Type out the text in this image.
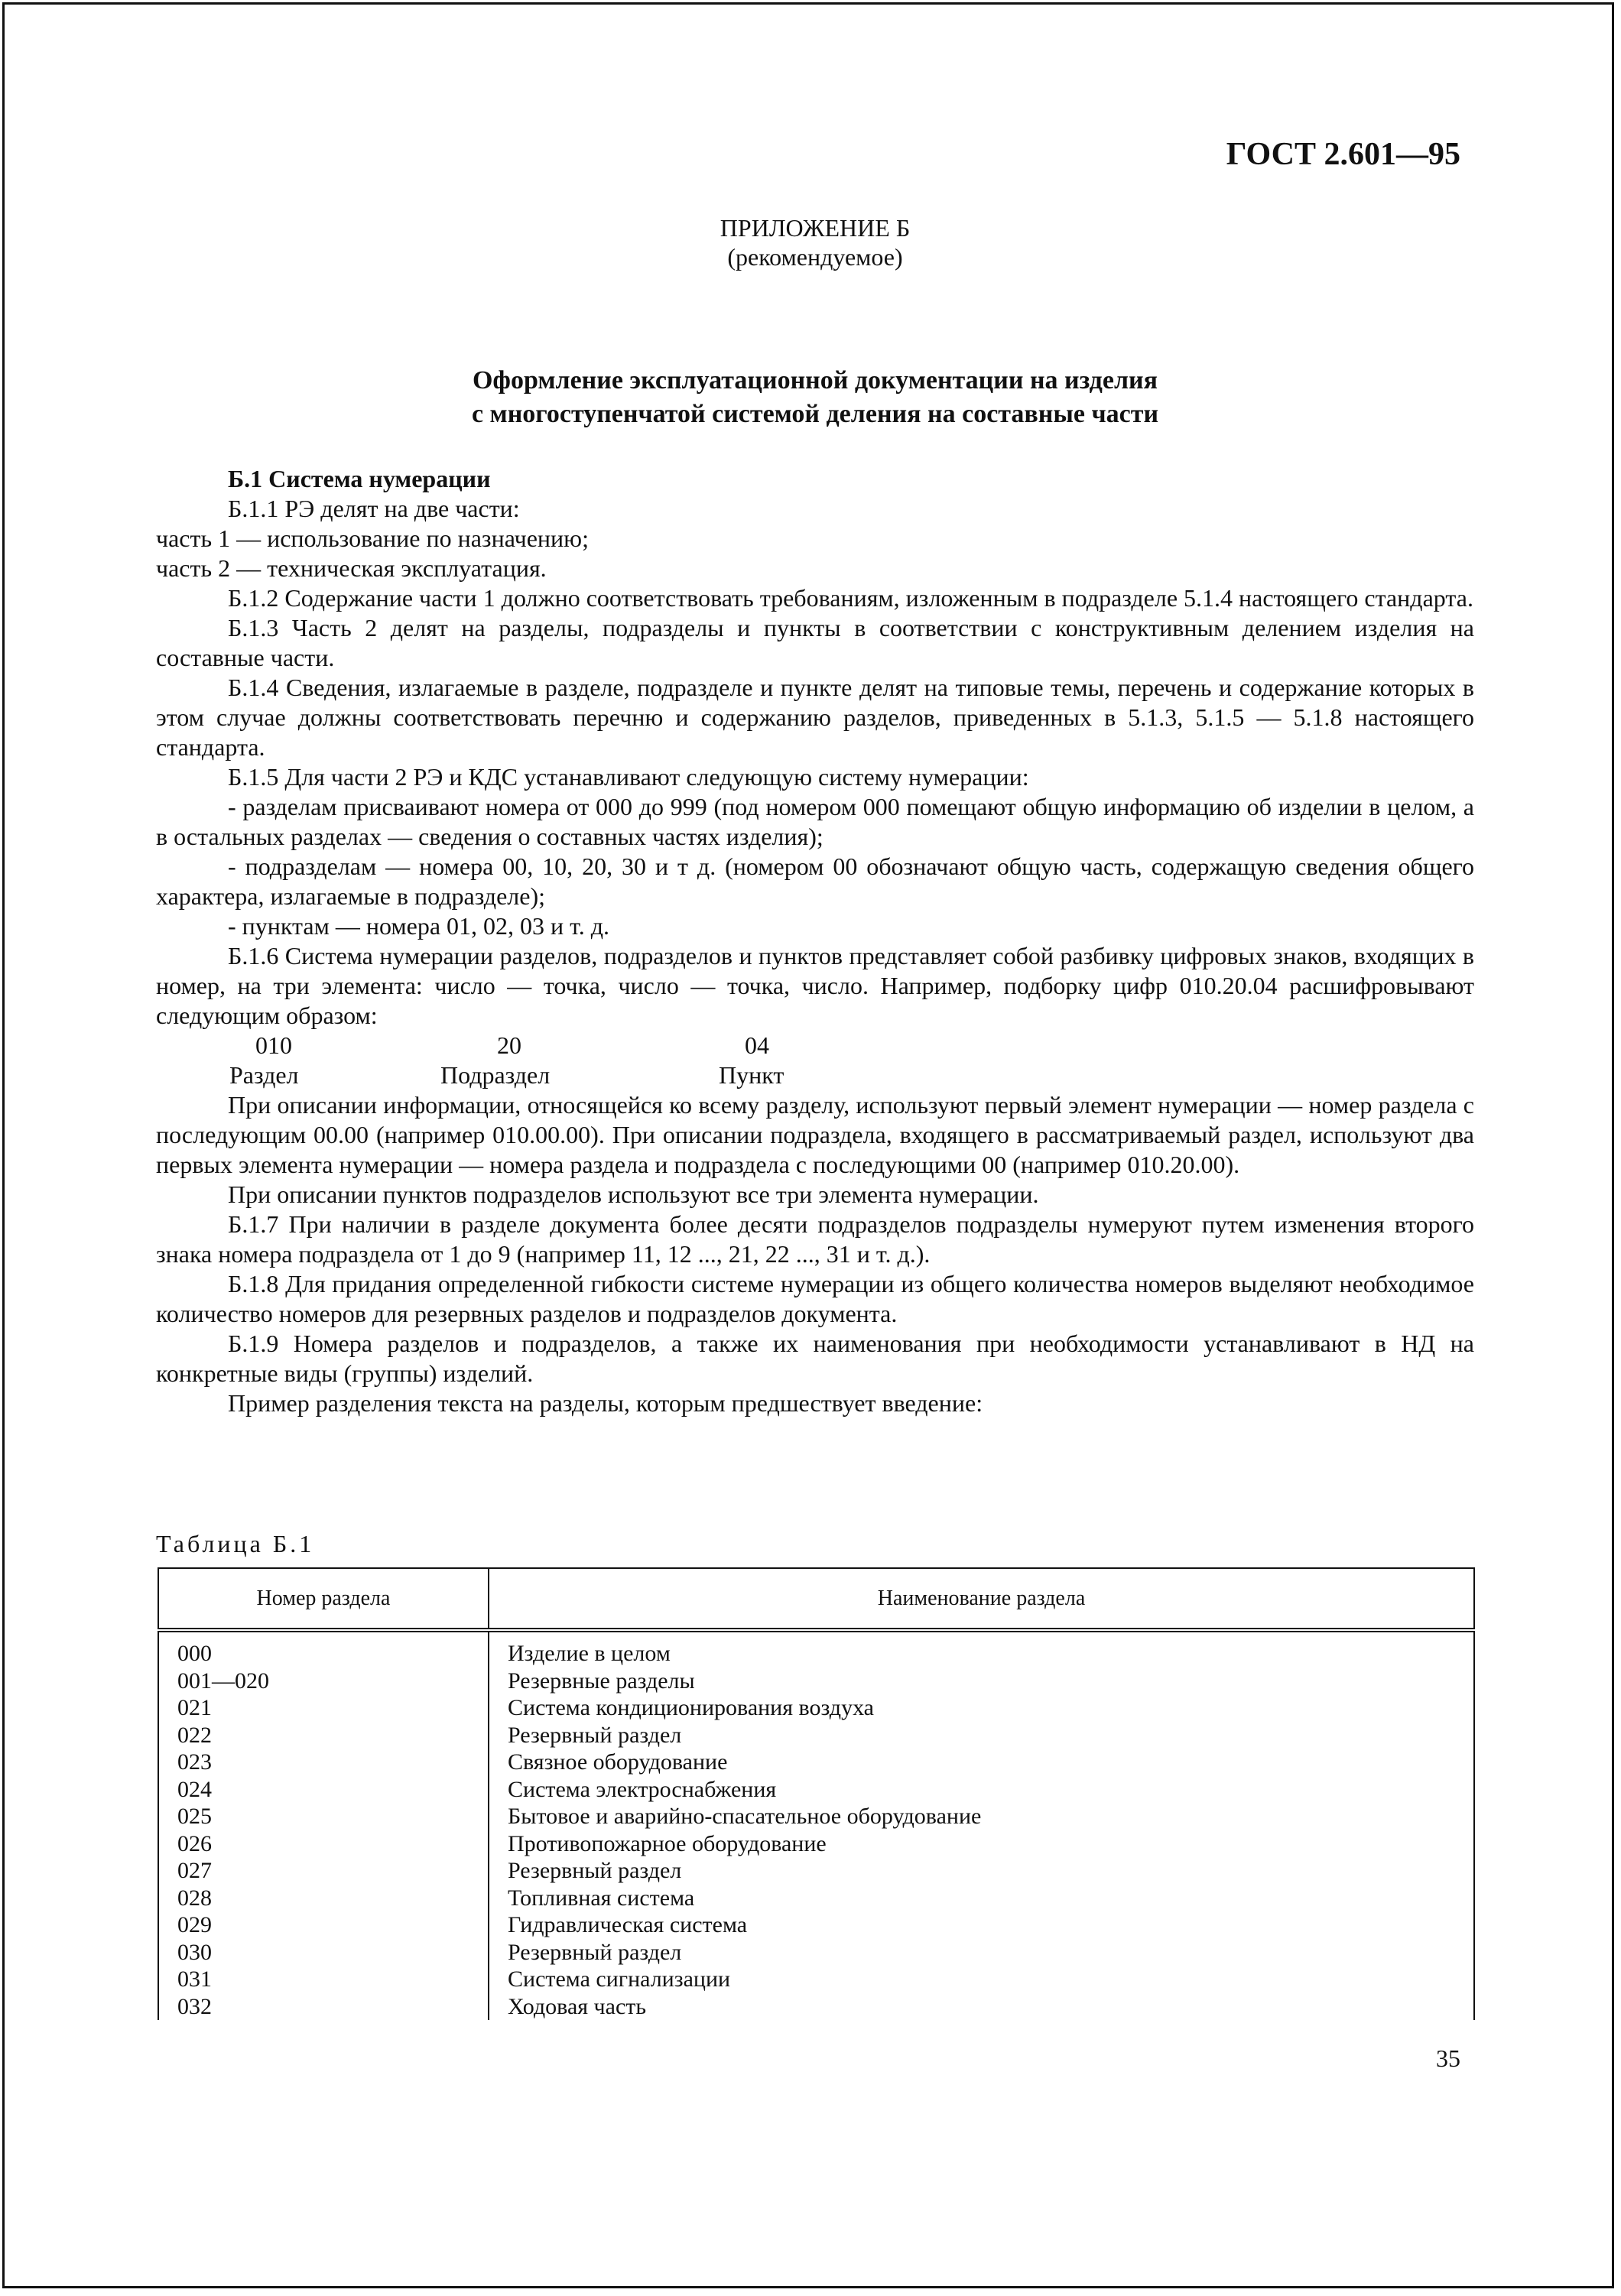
ГОСТ 2.601—95
ПРИЛОЖЕНИЕ Б
(рекомендуемое)
Оформление эксплуатационной документации на изделия
с многоступенчатой системой деления на составные части

Б.1 Система нумерации

Б.1.1 РЭ делят на две части:

часть 1 — использование по назначению;

часть 2 — техническая эксплуатация.

Б.1.2 Содержание части 1 должно соответствовать требованиям, изложенным в подразделе 5.1.4 настоящего стандарта.

Б.1.3 Часть 2 делят на разделы, подразделы и пункты в соответствии с конструктивным делением изделия на составные части.

Б.1.4 Сведения, излагаемые в разделе, подразделе и пункте делят на типовые темы, перечень и содержание которых в этом случае должны соответствовать перечню и содержанию разделов, приведенных в 5.1.3, 5.1.5 — 5.1.8 настоящего стандарта.

Б.1.5 Для части 2 РЭ и КДС устанавливают следующую систему нумерации:

- разделам присваивают номера от 000 до 999 (под номером 000 помещают общую информацию об изделии в целом, а в остальных разделах — сведения о составных частях изделия);

- подразделам — номера 00, 10, 20, 30 и т д. (номером 00 обозначают общую часть, содержащую сведения общего характера, излагаемые в подразделе);

- пунктам — номера 01, 02, 03 и т. д.

Б.1.6 Система нумерации разделов, подразделов и пунктов представляет собой разбивку цифровых знаков, входящих в номер, на три элемента: число — точка, число — точка, число. Например, подборку цифр 010.20.04 расшифровывают следующим образом:

010	20	04
Раздел	Подраздел	Пункт

При описании информации, относящейся ко всему разделу, используют первый элемент нумерации — номер раздела с последующим 00.00 (например 010.00.00). При описании подраздела, входящего в рассматриваемый раздел, используют два первых элемента нумерации — номера раздела и подраздела с последующими 00 (например 010.20.00).

При описании пунктов подразделов используют все три элемента нумерации.

Б.1.7 При наличии в разделе документа более десяти подразделов подразделы нумеруют путем изменения второго знака номера подраздела от 1 до 9 (например 11, 12 ..., 21, 22 ..., 31 и т. д.).

Б.1.8 Для придания определенной гибкости системе нумерации из общего количества номеров выделяют необходимое количество номеров для резервных разделов и подразделов документа.

Б.1.9 Номера разделов и подразделов, а также их наименования при необходимости устанавливают в НД на конкретные виды (группы) изделий.

Пример разделения текста на разделы, которым предшествует введение:

Таблица Б.1
Номер раздела	Наименование раздела
000	Изделие в целом
001—020	Резервные разделы
021	Система кондиционирования воздуха
022	Резервный раздел
023	Связное оборудование
024	Система электроснабжения
025	Бытовое и аварийно-спасательное оборудование
026	Противопожарное оборудование
027	Резервный раздел
028	Топливная система
029	Гидравлическая система
030	Резервный раздел
031	Система сигнализации
032	Ходовая часть
35
